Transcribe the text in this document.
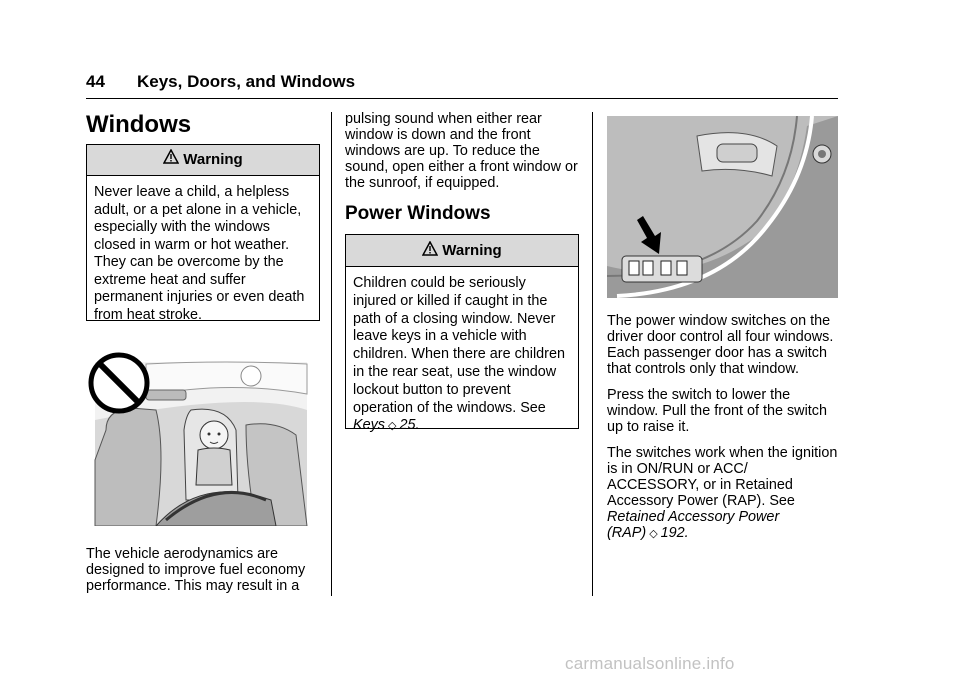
44 Keys, Doors, and Windows
Windows
Warning
Never leave a child, a helpless adult, or a pet alone in a vehicle, especially with the windows closed in warm or hot weather. They can be overcome by the extreme heat and suffer permanent injuries or even death from heat stroke.
The vehicle aerodynamics are designed to improve fuel economy performance. This may result in a
pulsing sound when either rear window is down and the front windows are up. To reduce the sound, open either a front window or the sunroof, if equipped.
Power Windows
Warning
Children could be seriously injured or killed if caught in the path of a closing window. Never leave keys in a vehicle with children. When there are children in the rear seat, use the window lockout button to prevent operation of the windows. See
Keys ◇ 25.

The power window switches on the driver door control all four windows. Each passenger door has a switch that controls only that window.

Press the switch to lower the window. Pull the front of the switch up to raise it.

The switches work when the ignition is in ON/RUN or ACC/ ACCESSORY, or in Retained Accessory Power (RAP). See

Retained Accessory Power (RAP) ◇ 192.
carmanualsonline.info
